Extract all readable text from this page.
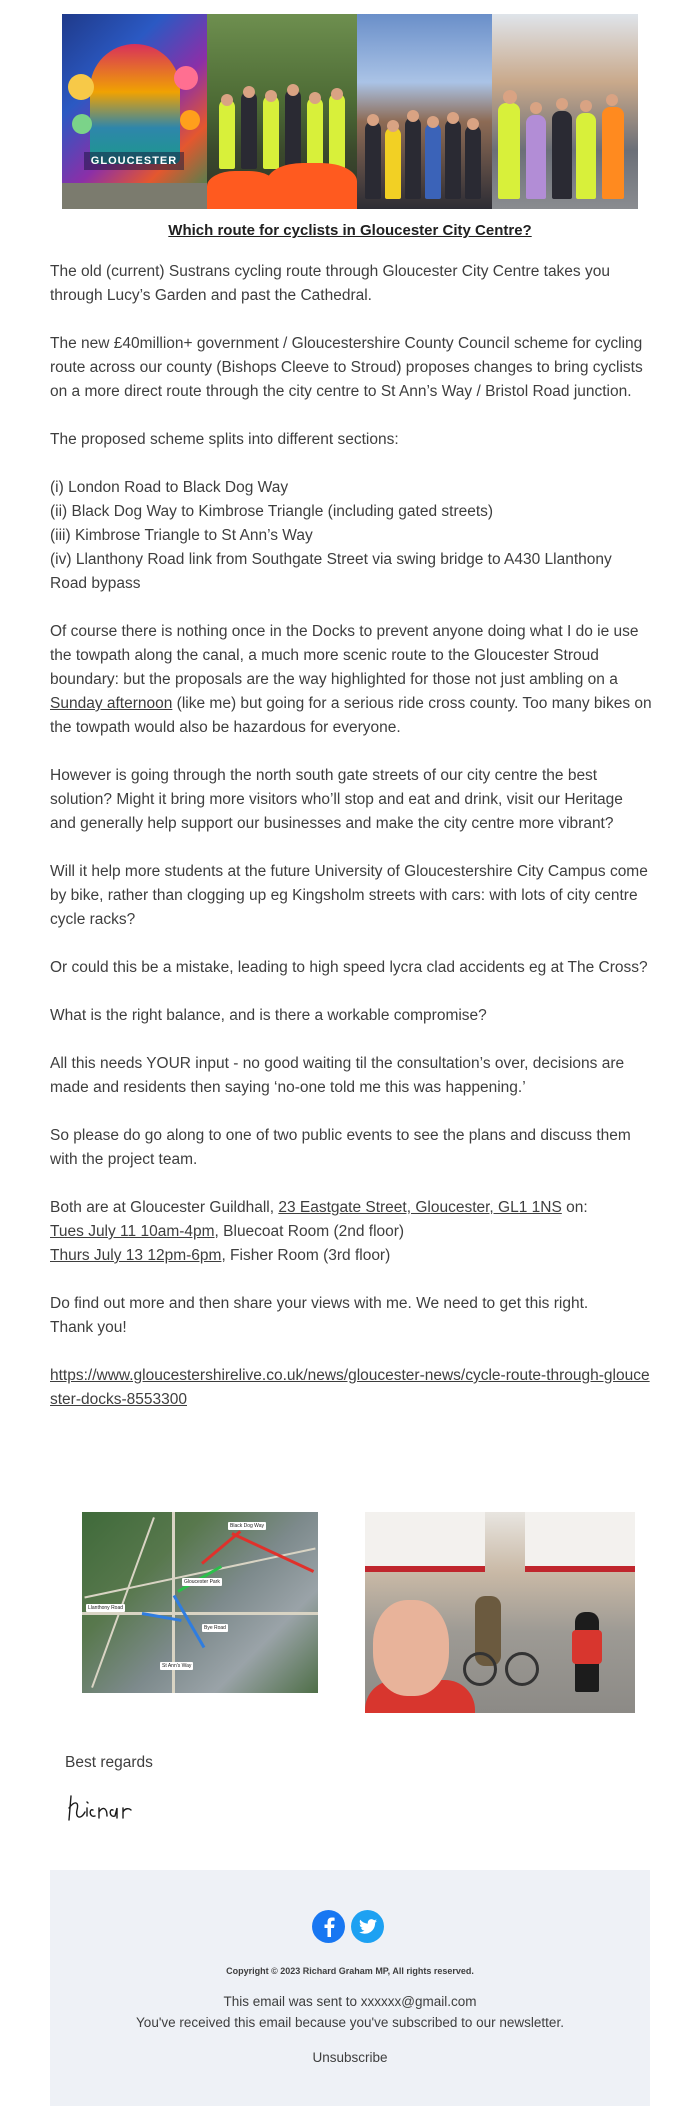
GLOUCESTER
Which route for cyclists in Gloucester City Centre?

The old (current) Sustrans cycling route through Gloucester City Centre takes you through Lucy’s Garden and past the Cathedral.

The new £40million+ government / Gloucestershire County Council scheme for cycling route across our county (Bishops Cleeve to Stroud) proposes changes to bring cyclists on a more direct route through the city centre to St Ann’s Way / Bristol Road junction.

The proposed scheme splits into different sections:

(i) London Road to Black Dog Way
(ii) Black Dog Way to Kimbrose Triangle (including gated streets)
(iii) Kimbrose Triangle to St Ann’s Way
(iv) Llanthony Road link from Southgate Street via swing bridge to A430 Llanthony Road bypass

Of course there is nothing once in the Docks to prevent anyone doing what I do ie use the towpath along the canal, a much more scenic route to the Gloucester Stroud boundary: but the proposals are the way highlighted for those not just ambling on a Sunday afternoon (like me) but going for a serious ride cross county. Too many bikes on the towpath would also be hazardous for everyone.

However is going through the north south gate streets of our city centre the best solution? Might it bring more visitors who’ll stop and eat and drink, visit our Heritage and generally help support our businesses and make the city centre more vibrant?

Will it help more students at the future University of Gloucestershire City Campus come by bike, rather than clogging up eg Kingsholm streets with cars: with lots of city centre cycle racks?

Or could this be a mistake, leading to high speed lycra clad accidents eg at The Cross?

What is the right balance, and is there a workable compromise?

All this needs YOUR input - no good waiting til the consultation’s over, decisions are made and residents then saying ‘no-one told me this was happening.’

So please do go along to one of two public events to see the plans and discuss them with the project team.

Both are at Gloucester Guildhall, 23 Eastgate Street, Gloucester, GL1 1NS on:
Tues July 11 10am-4pm, Bluecoat Room (2nd floor)
Thurs July 13 12pm-6pm, Fisher Room (3rd floor)

Do find out more and then share your views with me. We need to get this right.
Thank you!

https://www.gloucestershirelive.co.uk/news/gloucester-news/cycle-route-through-gloucester-docks-8553300

Black Dog Way
Gloucester Park
Llanthony Road
Bye Road
St Ann's Way
Best regards
Copyright © 2023 Richard Graham MP, All rights reserved.
This email was sent to xxxxxx@gmail.com
You've received this email because you've subscribed to our newsletter.
Unsubscribe
